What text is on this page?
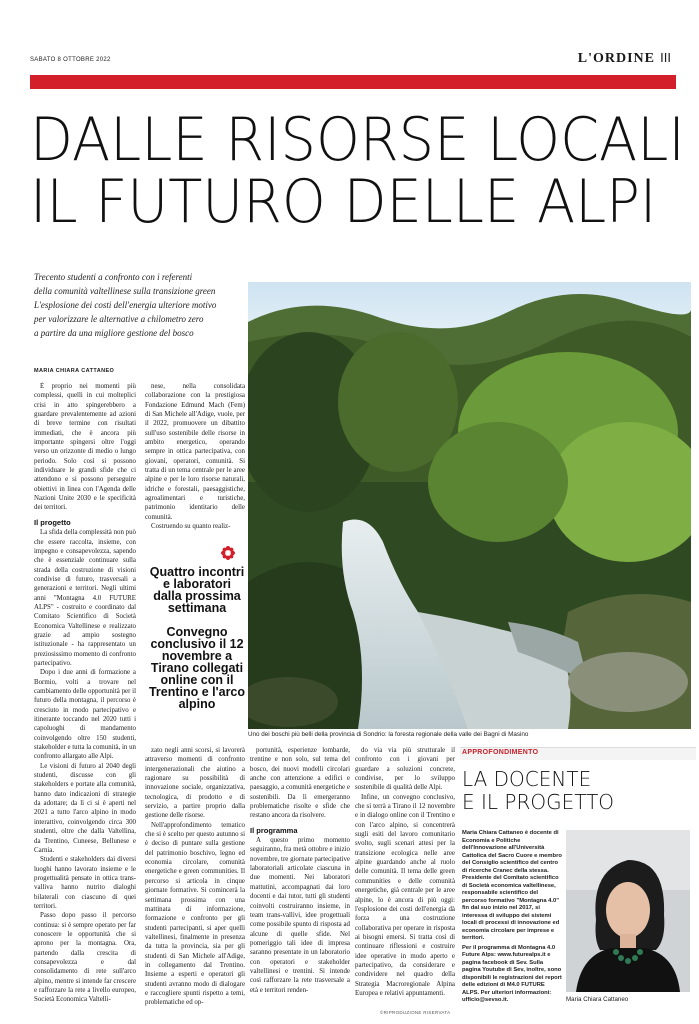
SABATO 8 OTTOBRE 2022	L'ORDINE III
DALLE RISORSE LOCALI
IL FUTURO DELLE ALPI
Trecento studenti a confronto con i referenti
della comunità valtellinese sulla transizione green
L'esplosione dei costi dell'energia ulteriore motivo
per valorizzare le alternative a chilometro zero
a partire da una migliore gestione del bosco
MARIA CHIARA CATTANEO

È proprio nei momenti più complessi, quelli in cui molteplici crisi in atto spingerebbero a guardare prevalentemente ad azioni di breve termine con risultati immediati, che è ancora più importante spingersi oltre l'oggi verso un orizzonte di medio o lungo periodo. Solo così si possono individuare le grandi sfide che ci attendono e si possono perseguire obiettivi in linea con l'Agenda delle Nazioni Unite 2030 e le specificità dei territori.

Il progetto

La sfida della complessità non può che essere raccolta, insieme, con impegno e consapevolezza, sapendo che è essenziale continuare sulla strada della costruzione di visioni condivise di futuro, trasversali a generazioni e territori. Negli ultimi anni "Montagna 4.0 FUTURE ALPS" - costruito e coordinato dal Comitato Scientifico di Società Economica Valtellinese e realizzato grazie ad ampio sostegno istituzionale - ha rappresentato un preziosissimo momento di confronto partecipativo.

Dopo i due anni di formazione a Bormio, volti a trovare nel cambiamento delle opportunità per il futuro della montagna, il percorso è cresciuto in modo partecipativo e itinerante toccando nel 2020 tutti i capoluoghi di mandamento coinvolgendo oltre 150 studenti, stakeholder e tutta la comunità, in un confronto allargato alle Alpi.

Le visioni di futuro al 2040 degli studenti, discusse con gli stakeholders e portate alla comunità, hanno dato indicazioni di strategie da adottare; da lì ci si è aperti nel 2021 a tutto l'arco alpino in modo interattivo, coinvolgendo circa 300 studenti, oltre che dalla Valtellina, da Trentino, Cuneese, Bellunese e Carnia.

Studenti e stakeholders dai diversi luoghi hanno lavorato insieme e le progettualità pensate in ottica trans-valliva hanno nutrito dialoghi bilaterali con ciascuno di quei territori.

Passo dopo passo il percorso continua: si è sempre operato per far conoscere le opportunità che si aprono per la montagna. Ora, partendo dalla crescita di consapevolezza e dal consolidamento di rete sull'arco alpino, mentre si intende far crescere e rafforzare la rete a livello europeo, Società Economica Valtelli-

nese, nella consolidata collaborazione con la prestigiosa Fondazione Edmund Mach (Fem) di San Michele all'Adige, vuole, per il 2022, promuovere un dibattito sull'uso sostenibile delle risorse in ambito energetico, operando sempre in ottica partecipativa, con giovani, operatori, comunità. Si tratta di un tema centrale per le aree alpine e per le loro risorse naturali, idriche e forestali, paesaggistiche, agroalimentari e turistiche, patrimonio identitario delle comunità.

Costruendo su quanto realiz-

Quattro incontri e laboratori dalla prossima settimana
Convegno conclusivo il 12 novembre a Tirano collegati online con il Trentino e l'arco alpino
Uno dei boschi più belli della provincia di Sondrio: la foresta regionale della valle dei Bagni di Masino

zato negli anni scorsi, si lavorerà attraverso momenti di confronto intergenerazionali che aiutino a ragionare su possibilità di innovazione sociale, organizzativa, tecnologica, di prodotto e di servizio, a partire proprio dalla gestione delle risorse.

Nell'approfondimento tematico che si è scelto per questo autunno si è deciso di puntare sulla gestione del patrimonio boschivo, legno ed economia circolare, comunità energetiche e green communities. Il percorso si articola in cinque giornate formative. Si comincerà la settimana prossima con una mattinata di informazione, formazione e confronto per gli studenti partecipanti, si aper quelli valtellinesi, finalmente in presenza da tutta la provincia, sia per gli studenti di San Michele all'Adige, in collegamento dal Trentino. Insieme a esperti e operatori gli studenti avranno modo di dialogare e raccogliere spunti rispetto a temi, problematiche ed op-

portunità, esperienze lombarde, trentine e non solo, sul tema del bosco, dei nuovi modelli circolari anche con attenzione a edifici e paesaggio, a comunità energetiche e sostenibili. Da lì emergeranno problematiche risolte e sfide che restano ancora da risolvere.

Il programma

A questo primo momento seguiranno, fra metà ottobre e inizio novembre, tre giornate partecipative laboratoriali articolate ciascuna in due momenti. Nei laboratori mattutini, accompagnati dai loro docenti e dai tutor, tutti gli studenti coinvolti costruiranno insieme, in team trans-vallivi, idee progettuali come possibile spunto di risposta ad alcune di quelle sfide. Nel pomeriggio tali idee di impresa saranno presentate in un laboratorio con operatori e stakeholder valtellinesi e trentini. Si intende così rafforzare la rete trasversale a età e territori renden-

do via via più strutturale il confronto con i giovani per guardare a soluzioni concrete, condivise, per lo sviluppo sostenibile di qualità delle Alpi.

Infine, un convegno conclusivo, che si terrà a Tirano il 12 novembre e in dialogo online con il Trentino e con l'arco alpino, si concentrerà sugli esiti del lavoro comunitario svolto, sugli scenari attesi per la transizione ecologica nelle aree alpine guardando anche al ruolo delle comunità. Il tema delle green communities e delle comunità energetiche, già centrale per le aree alpine, lo è ancora di più oggi: l'esplosione dei costi dell'energia dà forza a una costruzione collaborativa per operare in risposta ai bisogni emersi. Si tratta così di continuare riflessioni e costruire idee operative in modo aperto e partecipativo, da considerare e condividere nel quadro della Strategia Macroregionale Alpina Europea e relativi appuntamenti.

©RIPRODUZIONE RISERVATA
APPROFONDIMENTO
LA DOCENTE
E IL PROGETTO
Maria Chiara Cattaneo è docente di Economia e Politiche dell'Innovazione all'Università Cattolica del Sacro Cuore e membro del Consiglio scientifico del centro di ricerche Cranec della stessa. Presidente del Comitato scientifico di Società economica valtellinese, responsabile scientifico del percorso formativo "Montagna 4.0" fin dal suo inizio nel 2017, si interessa di sviluppo dei sistemi locali di processi di innovazione ed economia circolare per imprese e territori.
Per il programma di Montagna 4.0 Future Alps: www.futurealps.it e pagina facebook di Sev. Sulla pagina Youtube di Sev, inoltre, sono disponibili le registrazioni dei report delle edizioni di M4.0 FUTURE ALPS. Per ulteriori informazioni: ufficio@sevso.it.	Maria Chiara Cattaneo
